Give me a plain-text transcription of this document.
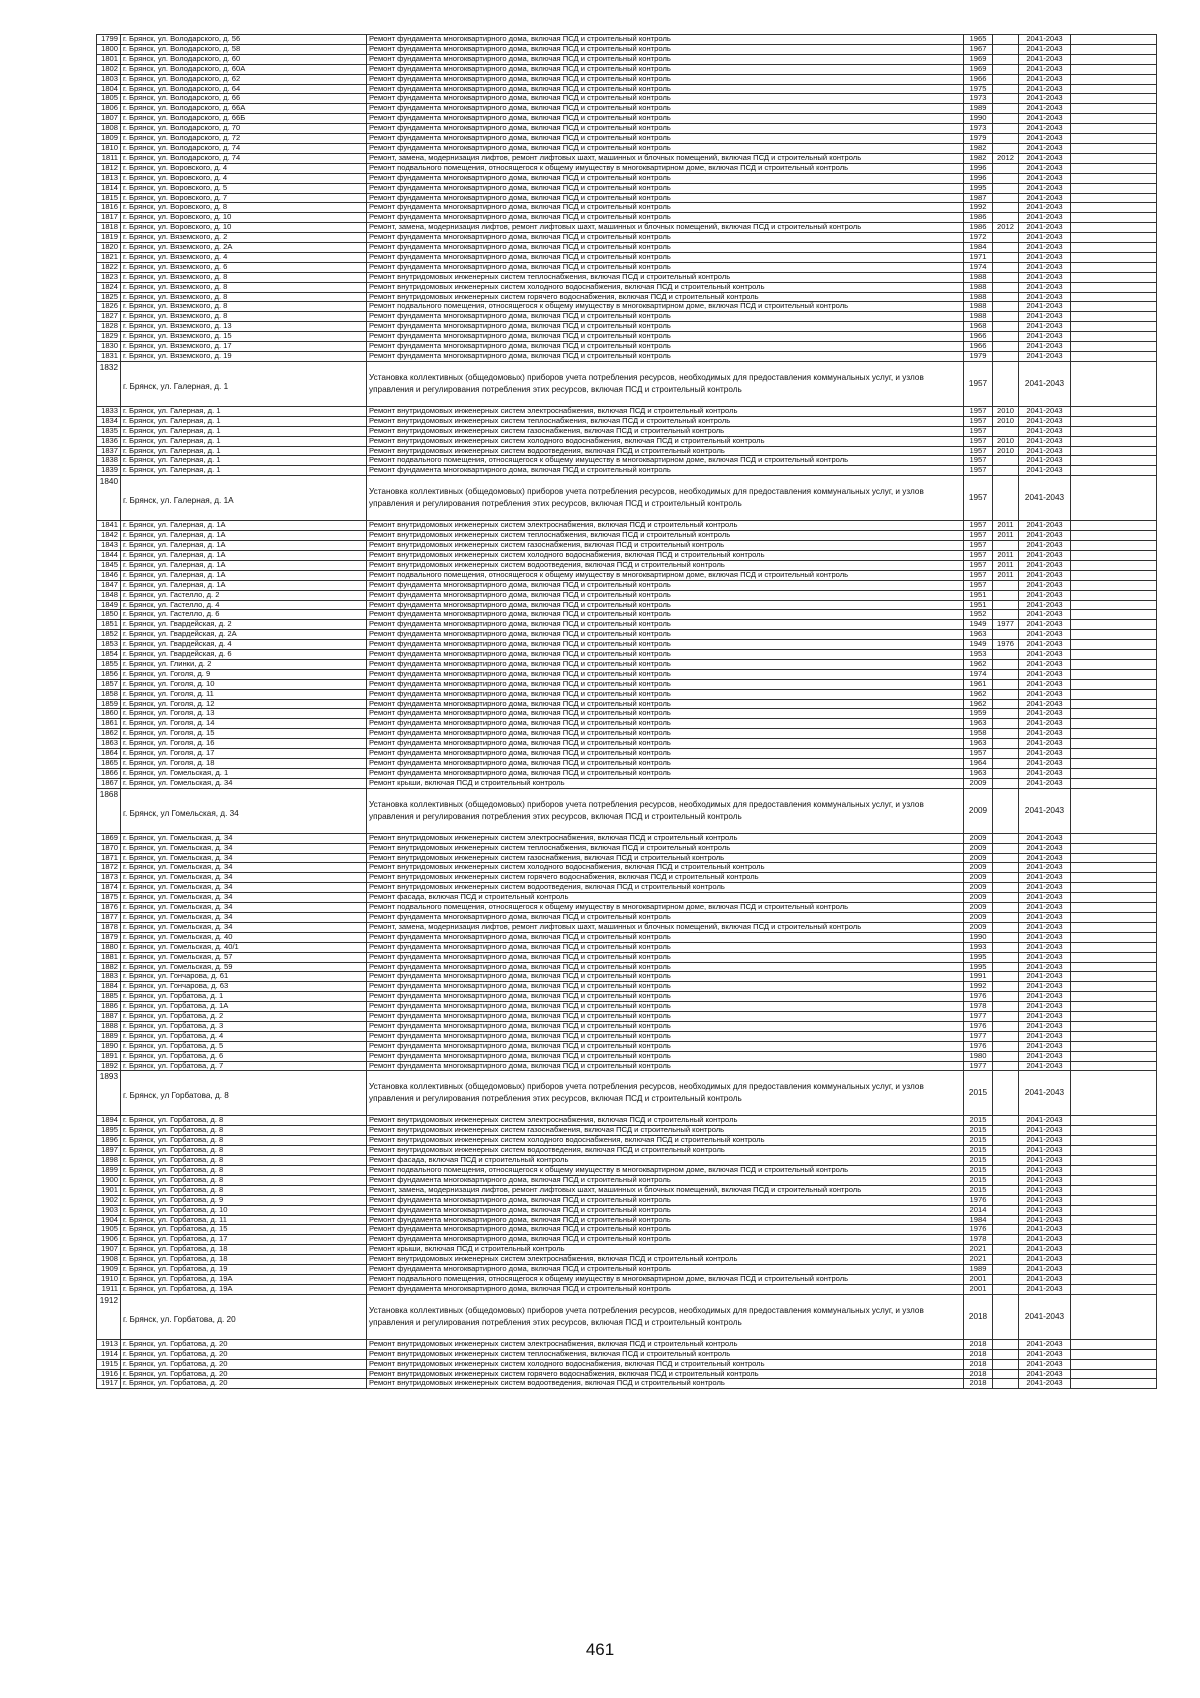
1799	г. Брянск, ул. Володарского, д. 56	Ремонт фундамента многоквартирного дома, включая ПСД и строительный контроль	1965		2041-2043	
1800	г. Брянск, ул. Володарского, д. 58	Ремонт фундамента многоквартирного дома, включая ПСД и строительный контроль	1967		2041-2043	
1801	г. Брянск, ул. Володарского, д. 60	Ремонт фундамента многоквартирного дома, включая ПСД и строительный контроль	1969		2041-2043	
1802	г. Брянск, ул. Володарского, д. 60А	Ремонт фундамента многоквартирного дома, включая ПСД и строительный контроль	1969		2041-2043	
1803	г. Брянск, ул. Володарского, д. 62	Ремонт фундамента многоквартирного дома, включая ПСД и строительный контроль	1966		2041-2043	
1804	г. Брянск, ул. Володарского, д. 64	Ремонт фундамента многоквартирного дома, включая ПСД и строительный контроль	1975		2041-2043	
1805	г. Брянск, ул. Володарского, д. 66	Ремонт фундамента многоквартирного дома, включая ПСД и строительный контроль	1973		2041-2043	
1806	г. Брянск, ул. Володарского, д. 66А	Ремонт фундамента многоквартирного дома, включая ПСД и строительный контроль	1989		2041-2043	
1807	г. Брянск, ул. Володарского, д. 66Б	Ремонт фундамента многоквартирного дома, включая ПСД и строительный контроль	1990		2041-2043	
1808	г. Брянск, ул. Володарского, д. 70	Ремонт фундамента многоквартирного дома, включая ПСД и строительный контроль	1973		2041-2043	
1809	г. Брянск, ул. Володарского, д. 72	Ремонт фундамента многоквартирного дома, включая ПСД и строительный контроль	1979		2041-2043	
1810	г. Брянск, ул. Володарского, д. 74	Ремонт фундамента многоквартирного дома, включая ПСД и строительный контроль	1982		2041-2043	
1811	г. Брянск, ул. Володарского, д. 74	Ремонт, замена, модернизация лифтов, ремонт лифтовых шахт, машинных и блочных помещений, включая ПСД и строительный контроль	1982	2012	2041-2043	
1812	г. Брянск, ул. Воровского, д. 4	Ремонт подвального помещения, относящегося к общему имуществу в многоквартирном доме, включая ПСД и строительный контроль	1996		2041-2043	
1813	г. Брянск, ул. Воровского, д. 4	Ремонт фундамента многоквартирного дома, включая ПСД и строительный контроль	1996		2041-2043	
1814	г. Брянск, ул. Воровского, д. 5	Ремонт фундамента многоквартирного дома, включая ПСД и строительный контроль	1995		2041-2043	
1815	г. Брянск, ул. Воровского, д. 7	Ремонт фундамента многоквартирного дома, включая ПСД и строительный контроль	1987		2041-2043	
1816	г. Брянск, ул. Воровского, д. 8	Ремонт фундамента многоквартирного дома, включая ПСД и строительный контроль	1992		2041-2043	
1817	г. Брянск, ул. Воровского, д. 10	Ремонт фундамента многоквартирного дома, включая ПСД и строительный контроль	1986		2041-2043	
1818	г. Брянск, ул. Воровского, д. 10	Ремонт, замена, модернизация лифтов, ремонт лифтовых шахт, машинных и блочных помещений, включая ПСД и строительный контроль	1986	2012	2041-2043	
1819	г. Брянск, ул. Вяземского, д. 2	Ремонт фундамента многоквартирного дома, включая ПСД и строительный контроль	1972		2041-2043	
1820	г. Брянск, ул. Вяземского, д. 2А	Ремонт фундамента многоквартирного дома, включая ПСД и строительный контроль	1984		2041-2043	
1821	г. Брянск, ул. Вяземского, д. 4	Ремонт фундамента многоквартирного дома, включая ПСД и строительный контроль	1971		2041-2043	
1822	г. Брянск, ул. Вяземского, д. 6	Ремонт фундамента многоквартирного дома, включая ПСД и строительный контроль	1974		2041-2043	
1823	г. Брянск, ул. Вяземского, д. 8	Ремонт внутридомовых инженерных систем теплоснабжения, включая ПСД и строительный контроль	1988		2041-2043	
1824	г. Брянск, ул. Вяземского, д. 8	Ремонт внутридомовых инженерных систем холодного водоснабжения, включая ПСД и строительный контроль	1988		2041-2043	
1825	г. Брянск, ул. Вяземского, д. 8	Ремонт внутридомовых инженерных систем горячего водоснабжения, включая ПСД и строительный контроль	1988		2041-2043	
1826	г. Брянск, ул. Вяземского, д. 8	Ремонт подвального помещения, относящегося к общему имуществу в многоквартирном доме, включая ПСД и строительный контроль	1988		2041-2043	
1827	г. Брянск, ул. Вяземского, д. 8	Ремонт фундамента многоквартирного дома, включая ПСД и строительный контроль	1988		2041-2043	
1828	г. Брянск, ул. Вяземского, д. 13	Ремонт фундамента многоквартирного дома, включая ПСД и строительный контроль	1968		2041-2043	
1829	г. Брянск, ул. Вяземского, д. 15	Ремонт фундамента многоквартирного дома, включая ПСД и строительный контроль	1966		2041-2043	
1830	г. Брянск, ул. Вяземского, д. 17	Ремонт фундамента многоквартирного дома, включая ПСД и строительный контроль	1966		2041-2043	
1831	г. Брянск, ул. Вяземского, д. 19	Ремонт фундамента многоквартирного дома, включая ПСД и строительный контроль	1979		2041-2043	
1832	г. Брянск, ул. Галерная, д. 1	Установка коллективных (общедомовых) приборов учета потребления ресурсов, необходимых для предоставления коммунальных услуг, и узлов управления и регулирования потребления этих ресурсов, включая ПСД и строительный контроль	1957		2041-2043	
1833	г. Брянск, ул. Галерная, д. 1	Ремонт внутридомовых инженерных систем электроснабжения, включая ПСД и строительный контроль	1957	2010	2041-2043	
1834	г. Брянск, ул. Галерная, д. 1	Ремонт внутридомовых инженерных систем теплоснабжения, включая ПСД и строительный контроль	1957	2010	2041-2043	
1835	г. Брянск, ул. Галерная, д. 1	Ремонт внутридомовых инженерных систем газоснабжения, включая ПСД и строительный контроль	1957		2041-2043	
1836	г. Брянск, ул. Галерная, д. 1	Ремонт внутридомовых инженерных систем холодного водоснабжения, включая ПСД и строительный контроль	1957	2010	2041-2043	
1837	г. Брянск, ул. Галерная, д. 1	Ремонт внутридомовых инженерных систем водоотведения, включая ПСД и строительный контроль	1957	2010	2041-2043	
1838	г. Брянск, ул. Галерная, д. 1	Ремонт подвального помещения, относящегося к общему имуществу в многоквартирном доме, включая ПСД и строительный контроль	1957		2041-2043	
1839	г. Брянск, ул. Галерная, д. 1	Ремонт фундамента многоквартирного дома, включая ПСД и строительный контроль	1957		2041-2043	
1840	г. Брянск, ул. Галерная, д. 1А	Установка коллективных (общедомовых) приборов учета потребления ресурсов, необходимых для предоставления коммунальных услуг, и узлов управления и регулирования потребления этих ресурсов, включая ПСД и строительный контроль	1957		2041-2043	
1841	г. Брянск, ул. Галерная, д. 1А	Ремонт внутридомовых инженерных систем электроснабжения, включая ПСД и строительный контроль	1957	2011	2041-2043	
1842	г. Брянск, ул. Галерная, д. 1А	Ремонт внутридомовых инженерных систем теплоснабжения, включая ПСД и строительный контроль	1957	2011	2041-2043	
1843	г. Брянск, ул. Галерная, д. 1А	Ремонт внутридомовых инженерных систем газоснабжения, включая ПСД и строительный контроль	1957		2041-2043	
1844	г. Брянск, ул. Галерная, д. 1А	Ремонт внутридомовых инженерных систем холодного водоснабжения, включая ПСД и строительный контроль	1957	2011	2041-2043	
1845	г. Брянск, ул. Галерная, д. 1А	Ремонт внутридомовых инженерных систем водоотведения, включая ПСД и строительный контроль	1957	2011	2041-2043	
1846	г. Брянск, ул. Галерная, д. 1А	Ремонт подвального помещения, относящегося к общему имуществу в многоквартирном доме, включая ПСД и строительный контроль	1957	2011	2041-2043	
1847	г. Брянск, ул. Галерная, д. 1А	Ремонт фундамента многоквартирного дома, включая ПСД и строительный контроль	1957		2041-2043	
1848	г. Брянск, ул. Гастелло, д. 2	Ремонт фундамента многоквартирного дома, включая ПСД и строительный контроль	1951		2041-2043	
1849	г. Брянск, ул. Гастелло, д. 4	Ремонт фундамента многоквартирного дома, включая ПСД и строительный контроль	1951		2041-2043	
1850	г. Брянск, ул. Гастелло, д. 6	Ремонт фундамента многоквартирного дома, включая ПСД и строительный контроль	1952		2041-2043	
1851	г. Брянск, ул. Гвардейская, д. 2	Ремонт фундамента многоквартирного дома, включая ПСД и строительный контроль	1949	1977	2041-2043	
1852	г. Брянск, ул. Гвардейская, д. 2А	Ремонт фундамента многоквартирного дома, включая ПСД и строительный контроль	1963		2041-2043	
1853	г. Брянск, ул. Гвардейская, д. 4	Ремонт фундамента многоквартирного дома, включая ПСД и строительный контроль	1949	1976	2041-2043	
1854	г. Брянск, ул. Гвардейская, д. 6	Ремонт фундамента многоквартирного дома, включая ПСД и строительный контроль	1953		2041-2043	
1855	г. Брянск, ул. Глинки, д. 2	Ремонт фундамента многоквартирного дома, включая ПСД и строительный контроль	1962		2041-2043	
1856	г. Брянск, ул. Гоголя, д. 9	Ремонт фундамента многоквартирного дома, включая ПСД и строительный контроль	1974		2041-2043	
1857	г. Брянск, ул. Гоголя, д. 10	Ремонт фундамента многоквартирного дома, включая ПСД и строительный контроль	1961		2041-2043	
1858	г. Брянск, ул. Гоголя, д. 11	Ремонт фундамента многоквартирного дома, включая ПСД и строительный контроль	1962		2041-2043	
1859	г. Брянск, ул. Гоголя, д. 12	Ремонт фундамента многоквартирного дома, включая ПСД и строительный контроль	1962		2041-2043	
1860	г. Брянск, ул. Гоголя, д. 13	Ремонт фундамента многоквартирного дома, включая ПСД и строительный контроль	1959		2041-2043	
1861	г. Брянск, ул. Гоголя, д. 14	Ремонт фундамента многоквартирного дома, включая ПСД и строительный контроль	1963		2041-2043	
1862	г. Брянск, ул. Гоголя, д. 15	Ремонт фундамента многоквартирного дома, включая ПСД и строительный контроль	1958		2041-2043	
1863	г. Брянск, ул. Гоголя, д. 16	Ремонт фундамента многоквартирного дома, включая ПСД и строительный контроль	1963		2041-2043	
1864	г. Брянск, ул. Гоголя, д. 17	Ремонт фундамента многоквартирного дома, включая ПСД и строительный контроль	1957		2041-2043	
1865	г. Брянск, ул. Гоголя, д. 18	Ремонт фундамента многоквартирного дома, включая ПСД и строительный контроль	1964		2041-2043	
1866	г. Брянск, ул. Гомельская, д. 1	Ремонт фундамента многоквартирного дома, включая ПСД и строительный контроль	1963		2041-2043	
1867	г. Брянск, ул. Гомельская, д. 34	Ремонт крыши, включая ПСД и строительный контроль	2009		2041-2043	
1868	г. Брянск, ул Гомельская, д. 34	Установка коллективных (общедомовых) приборов учета потребления ресурсов, необходимых для предоставления коммунальных услуг, и узлов управления и регулирования потребления этих ресурсов, включая ПСД и строительный контроль	2009		2041-2043	
1869	г. Брянск, ул. Гомельская, д. 34	Ремонт внутридомовых инженерных систем электроснабжения, включая ПСД и строительный контроль	2009		2041-2043	
1870	г. Брянск, ул. Гомельская, д. 34	Ремонт внутридомовых инженерных систем теплоснабжения, включая ПСД и строительный контроль	2009		2041-2043	
1871	г. Брянск, ул. Гомельская, д. 34	Ремонт внутридомовых инженерных систем газоснабжения, включая ПСД и строительный контроль	2009		2041-2043	
1872	г. Брянск, ул. Гомельская, д. 34	Ремонт внутридомовых инженерных систем холодного водоснабжения, включая ПСД и строительный контроль	2009		2041-2043	
1873	г. Брянск, ул. Гомельская, д. 34	Ремонт внутридомовых инженерных систем горячего водоснабжения, включая ПСД и строительный контроль	2009		2041-2043	
1874	г. Брянск, ул. Гомельская, д. 34	Ремонт внутридомовых инженерных систем водоотведения, включая ПСД и строительный контроль	2009		2041-2043	
1875	г. Брянск, ул. Гомельская, д. 34	Ремонт фасада, включая ПСД и строительный контроль	2009		2041-2043	
1876	г. Брянск, ул. Гомельская, д. 34	Ремонт подвального помещения, относящегося к общему имуществу в многоквартирном доме, включая ПСД и строительный контроль	2009		2041-2043	
1877	г. Брянск, ул. Гомельская, д. 34	Ремонт фундамента многоквартирного дома, включая ПСД и строительный контроль	2009		2041-2043	
1878	г. Брянск, ул. Гомельская, д. 34	Ремонт, замена, модернизация лифтов, ремонт лифтовых шахт, машинных и блочных помещений, включая ПСД и строительный контроль	2009		2041-2043	
1879	г. Брянск, ул. Гомельская, д. 40	Ремонт фундамента многоквартирного дома, включая ПСД и строительный контроль	1990		2041-2043	
1880	г. Брянск, ул. Гомельская, д. 40/1	Ремонт фундамента многоквартирного дома, включая ПСД и строительный контроль	1993		2041-2043	
1881	г. Брянск, ул. Гомельская, д. 57	Ремонт фундамента многоквартирного дома, включая ПСД и строительный контроль	1995		2041-2043	
1882	г. Брянск, ул. Гомельская, д. 59	Ремонт фундамента многоквартирного дома, включая ПСД и строительный контроль	1995		2041-2043	
1883	г. Брянск, ул. Гончарова, д. 61	Ремонт фундамента многоквартирного дома, включая ПСД и строительный контроль	1991		2041-2043	
1884	г. Брянск, ул. Гончарова, д. 63	Ремонт фундамента многоквартирного дома, включая ПСД и строительный контроль	1992		2041-2043	
1885	г. Брянск, ул. Горбатова, д. 1	Ремонт фундамента многоквартирного дома, включая ПСД и строительный контроль	1976		2041-2043	
1886	г. Брянск, ул. Горбатова, д. 1А	Ремонт фундамента многоквартирного дома, включая ПСД и строительный контроль	1978		2041-2043	
1887	г. Брянск, ул. Горбатова, д. 2	Ремонт фундамента многоквартирного дома, включая ПСД и строительный контроль	1977		2041-2043	
1888	г. Брянск, ул. Горбатова, д. 3	Ремонт фундамента многоквартирного дома, включая ПСД и строительный контроль	1976		2041-2043	
1889	г. Брянск, ул. Горбатова, д. 4	Ремонт фундамента многоквартирного дома, включая ПСД и строительный контроль	1977		2041-2043	
1890	г. Брянск, ул. Горбатова, д. 5	Ремонт фундамента многоквартирного дома, включая ПСД и строительный контроль	1976		2041-2043	
1891	г. Брянск, ул. Горбатова, д. 6	Ремонт фундамента многоквартирного дома, включая ПСД и строительный контроль	1980		2041-2043	
1892	г. Брянск, ул. Горбатова, д. 7	Ремонт фундамента многоквартирного дома, включая ПСД и строительный контроль	1977		2041-2043	
1893	г. Брянск, ул Горбатова, д. 8	Установка коллективных (общедомовых) приборов учета потребления ресурсов, необходимых для предоставления коммунальных услуг, и узлов управления и регулирования потребления этих ресурсов, включая ПСД и строительный контроль	2015		2041-2043	
1894	г. Брянск, ул. Горбатова, д. 8	Ремонт внутридомовых инженерных систем электроснабжения, включая ПСД и строительный контроль	2015		2041-2043	
1895	г. Брянск, ул. Горбатова, д. 8	Ремонт внутридомовых инженерных систем газоснабжения, включая ПСД и строительный контроль	2015		2041-2043	
1896	г. Брянск, ул. Горбатова, д. 8	Ремонт внутридомовых инженерных систем холодного водоснабжения, включая ПСД и строительный контроль	2015		2041-2043	
1897	г. Брянск, ул. Горбатова, д. 8	Ремонт внутридомовых инженерных систем водоотведения, включая ПСД и строительный контроль	2015		2041-2043	
1898	г. Брянск, ул. Горбатова, д. 8	Ремонт фасада, включая ПСД и строительный контроль	2015		2041-2043	
1899	г. Брянск, ул. Горбатова, д. 8	Ремонт подвального помещения, относящегося к общему имуществу в многоквартирном доме, включая ПСД и строительный контроль	2015		2041-2043	
1900	г. Брянск, ул. Горбатова, д. 8	Ремонт фундамента многоквартирного дома, включая ПСД и строительный контроль	2015		2041-2043	
1901	г. Брянск, ул. Горбатова, д. 8	Ремонт, замена, модернизация лифтов, ремонт лифтовых шахт, машинных и блочных помещений, включая ПСД и строительный контроль	2015		2041-2043	
1902	г. Брянск, ул. Горбатова, д. 9	Ремонт фундамента многоквартирного дома, включая ПСД и строительный контроль	1976		2041-2043	
1903	г. Брянск, ул. Горбатова, д. 10	Ремонт фундамента многоквартирного дома, включая ПСД и строительный контроль	2014		2041-2043	
1904	г. Брянск, ул. Горбатова, д. 11	Ремонт фундамента многоквартирного дома, включая ПСД и строительный контроль	1984		2041-2043	
1905	г. Брянск, ул. Горбатова, д. 15	Ремонт фундамента многоквартирного дома, включая ПСД и строительный контроль	1976		2041-2043	
1906	г. Брянск, ул. Горбатова, д. 17	Ремонт фундамента многоквартирного дома, включая ПСД и строительный контроль	1978		2041-2043	
1907	г. Брянск, ул. Горбатова, д. 18	Ремонт крыши, включая ПСД и строительный контроль	2021		2041-2043	
1908	г. Брянск, ул. Горбатова, д. 18	Ремонт внутридомовых инженерных систем электроснабжения, включая ПСД и строительный контроль	2021		2041-2043	
1909	г. Брянск, ул. Горбатова, д. 19	Ремонт фундамента многоквартирного дома, включая ПСД и строительный контроль	1989		2041-2043	
1910	г. Брянск, ул. Горбатова, д. 19А	Ремонт подвального помещения, относящегося к общему имуществу в многоквартирном доме, включая ПСД и строительный контроль	2001		2041-2043	
1911	г. Брянск, ул. Горбатова, д. 19А	Ремонт фундамента многоквартирного дома, включая ПСД и строительный контроль	2001		2041-2043	
1912	г. Брянск, ул. Горбатова, д. 20	Установка коллективных (общедомовых) приборов учета потребления ресурсов, необходимых для предоставления коммунальных услуг, и узлов управления и регулирования потребления этих ресурсов, включая ПСД и строительный контроль	2018		2041-2043	
1913	г. Брянск, ул. Горбатова, д. 20	Ремонт внутридомовых инженерных систем электроснабжения, включая ПСД и строительный контроль	2018		2041-2043	
1914	г. Брянск, ул. Горбатова, д. 20	Ремонт внутридомовых инженерных систем теплоснабжения, включая ПСД и строительный контроль	2018		2041-2043	
1915	г. Брянск, ул. Горбатова, д. 20	Ремонт внутридомовых инженерных систем холодного водоснабжения, включая ПСД и строительный контроль	2018		2041-2043	
1916	г. Брянск, ул. Горбатова, д. 20	Ремонт внутридомовых инженерных систем горячего водоснабжения, включая ПСД и строительный контроль	2018		2041-2043	
1917	г. Брянск, ул. Горбатова, д. 20	Ремонт внутридомовых инженерных систем водоотведения, включая ПСД и строительный контроль	2018		2041-2043	
461
